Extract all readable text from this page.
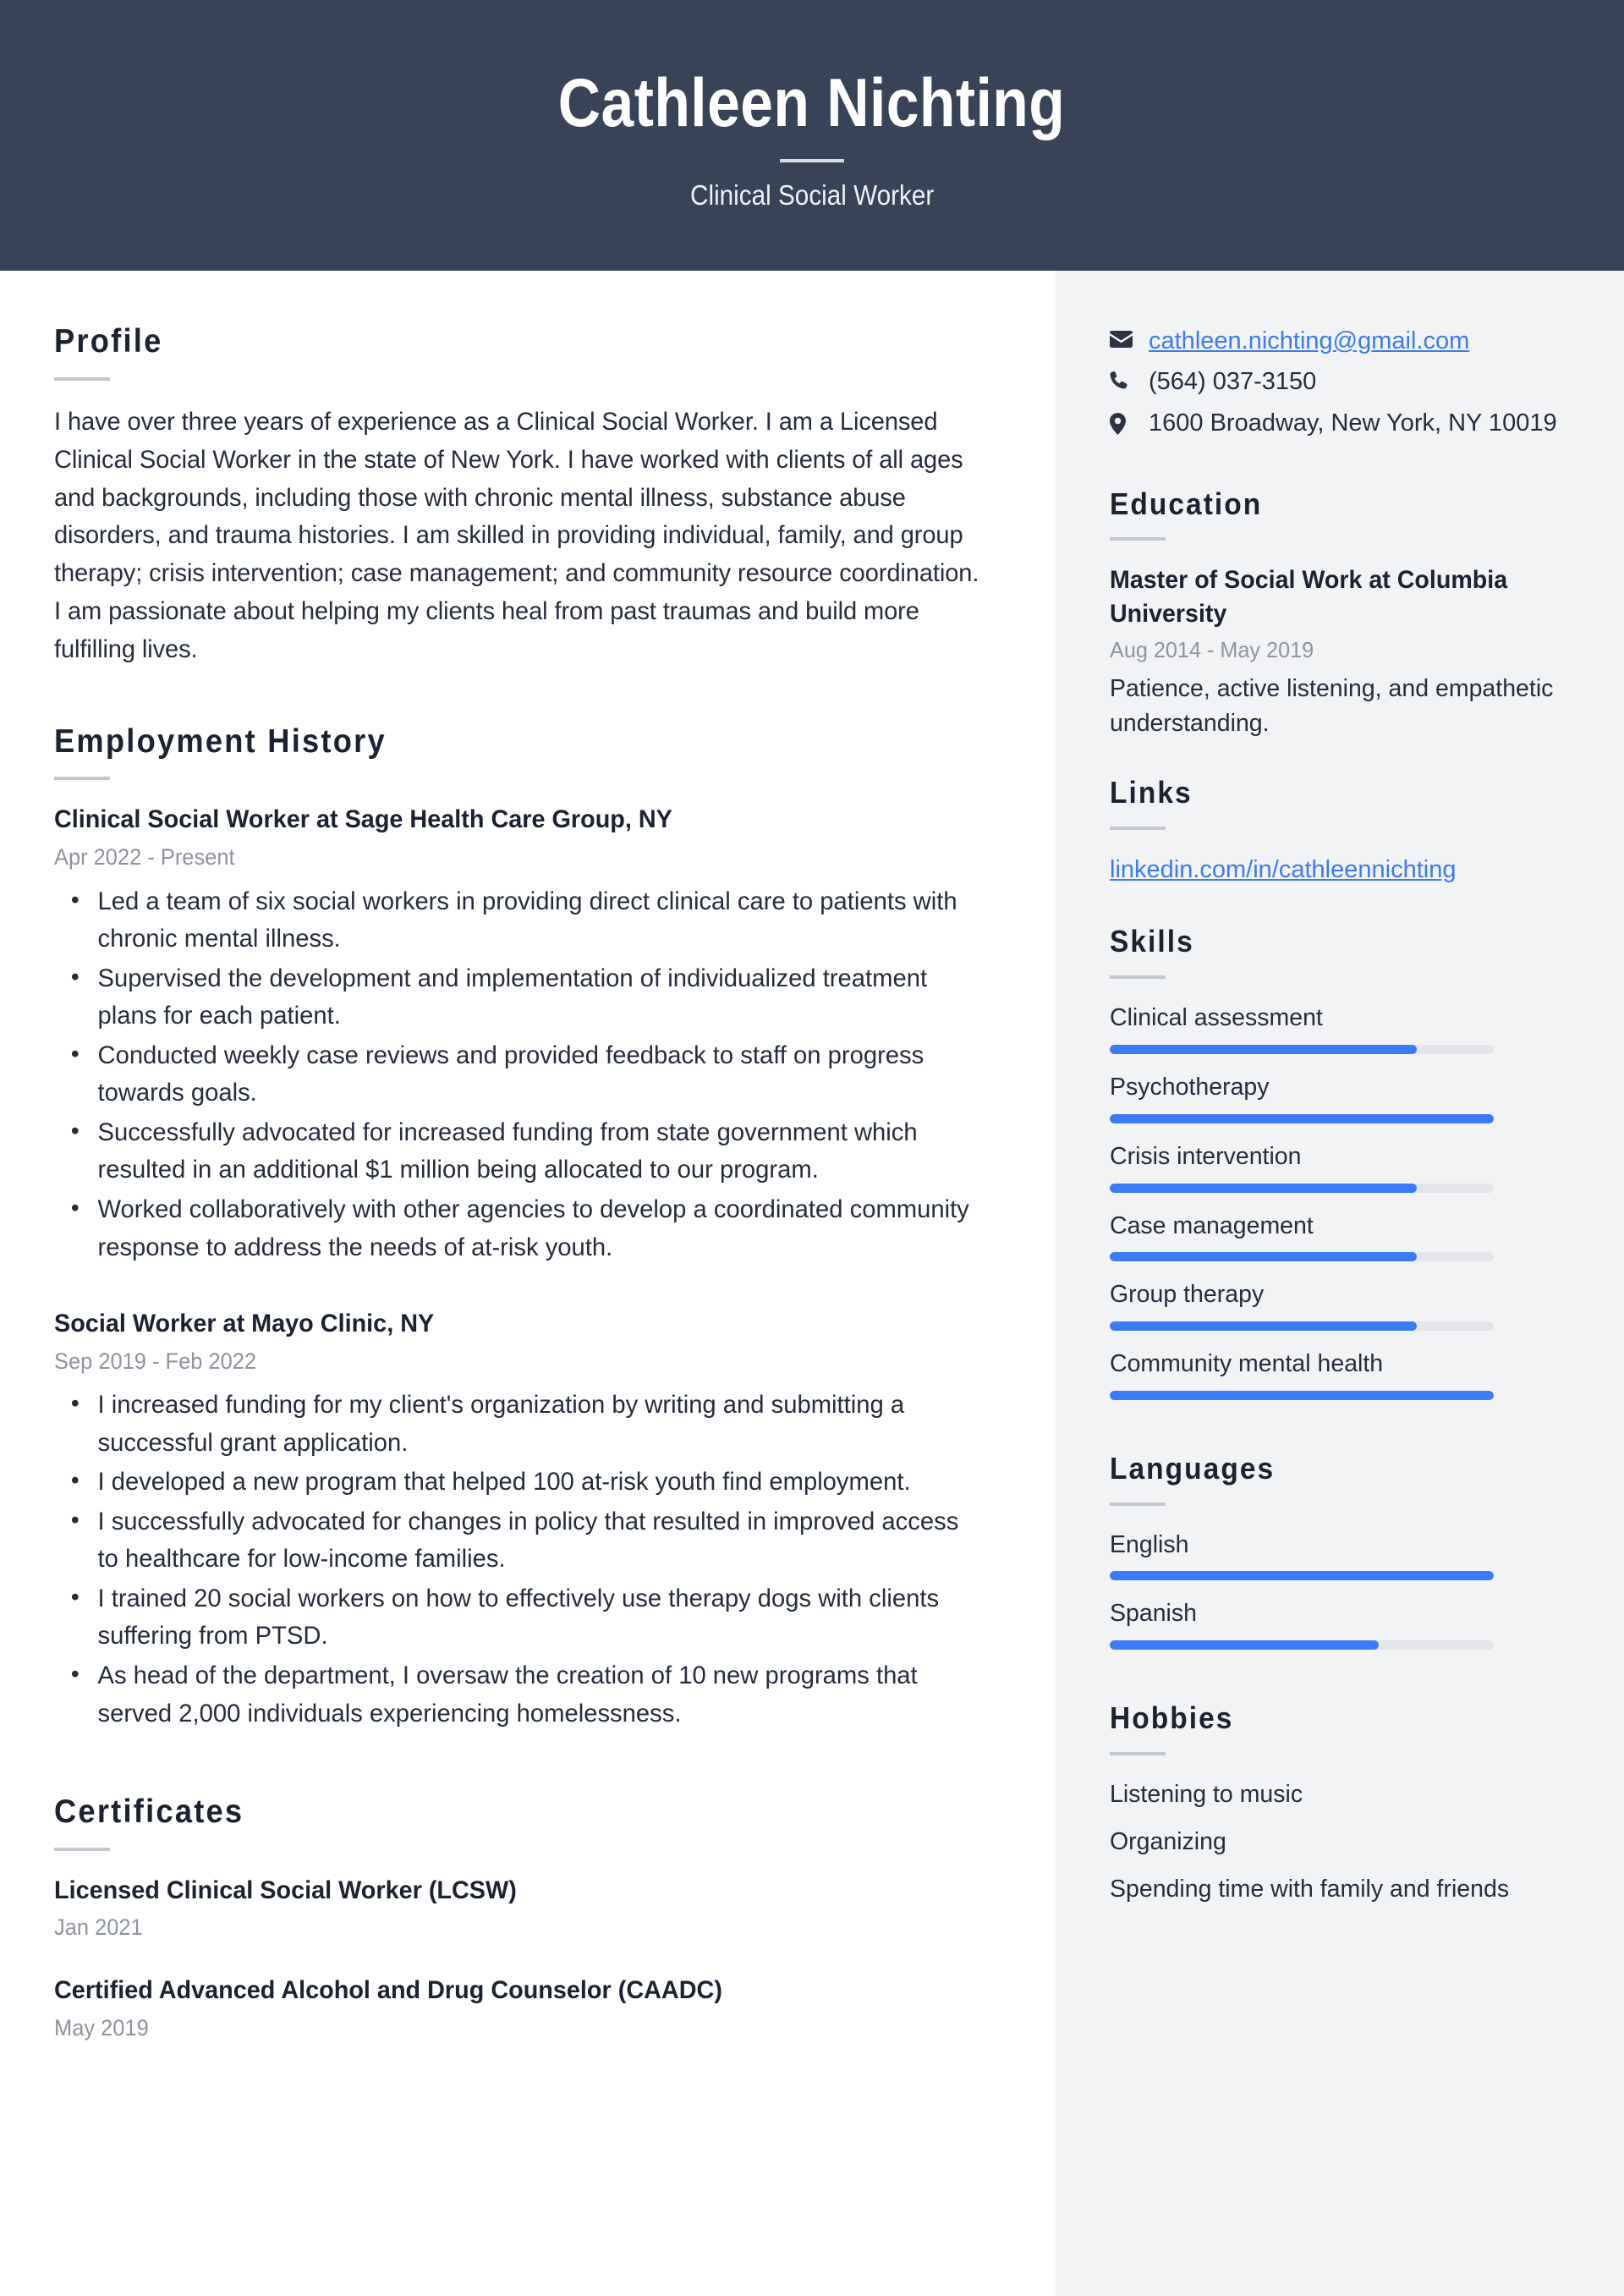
Cathleen Nichting
Clinical Social Worker
Profile
I have over three years of experience as a Clinical Social Worker. I am a Licensed Clinical Social Worker in the state of New York. I have worked with clients of all ages and backgrounds, including those with chronic mental illness, substance abuse disorders, and trauma histories. I am skilled in providing individual, family, and group therapy; crisis intervention; case management; and community resource coordination. I am passionate about helping my clients heal from past traumas and build more fulfilling lives.
Employment History
Clinical Social Worker at Sage Health Care Group, NY
Apr 2022 - Present
• Led a team of six social workers in providing direct clinical care to patients with chronic mental illness.
• Supervised the development and implementation of individualized treatment plans for each patient.
• Conducted weekly case reviews and provided feedback to staff on progress towards goals.
• Successfully advocated for increased funding from state government which resulted in an additional $1 million being allocated to our program.
• Worked collaboratively with other agencies to develop a coordinated community response to address the needs of at-risk youth.
Social Worker at Mayo Clinic, NY
Sep 2019 - Feb 2022
• I increased funding for my client's organization by writing and submitting a successful grant application.
• I developed a new program that helped 100 at-risk youth find employment.
• I successfully advocated for changes in policy that resulted in improved access to healthcare for low-income families.
• I trained 20 social workers on how to effectively use therapy dogs with clients suffering from PTSD.
• As head of the department, I oversaw the creation of 10 new programs that served 2,000 individuals experiencing homelessness.
Certificates
Licensed Clinical Social Worker (LCSW)
Jan 2021
Certified Advanced Alcohol and Drug Counselor (CAADC)
May 2019
cathleen.nichting@gmail.com
(564) 037-3150
1600 Broadway, New York, NY 10019
Education
Master of Social Work at Columbia University
Aug 2014 - May 2019
Patience, active listening, and empathetic understanding.
Links
linkedin.com/in/cathleennichting
Skills
Clinical assessment
Psychotherapy
Crisis intervention
Case management
Group therapy
Community mental health
Languages
English
Spanish
Hobbies
Listening to music
Organizing
Spending time with family and friends
